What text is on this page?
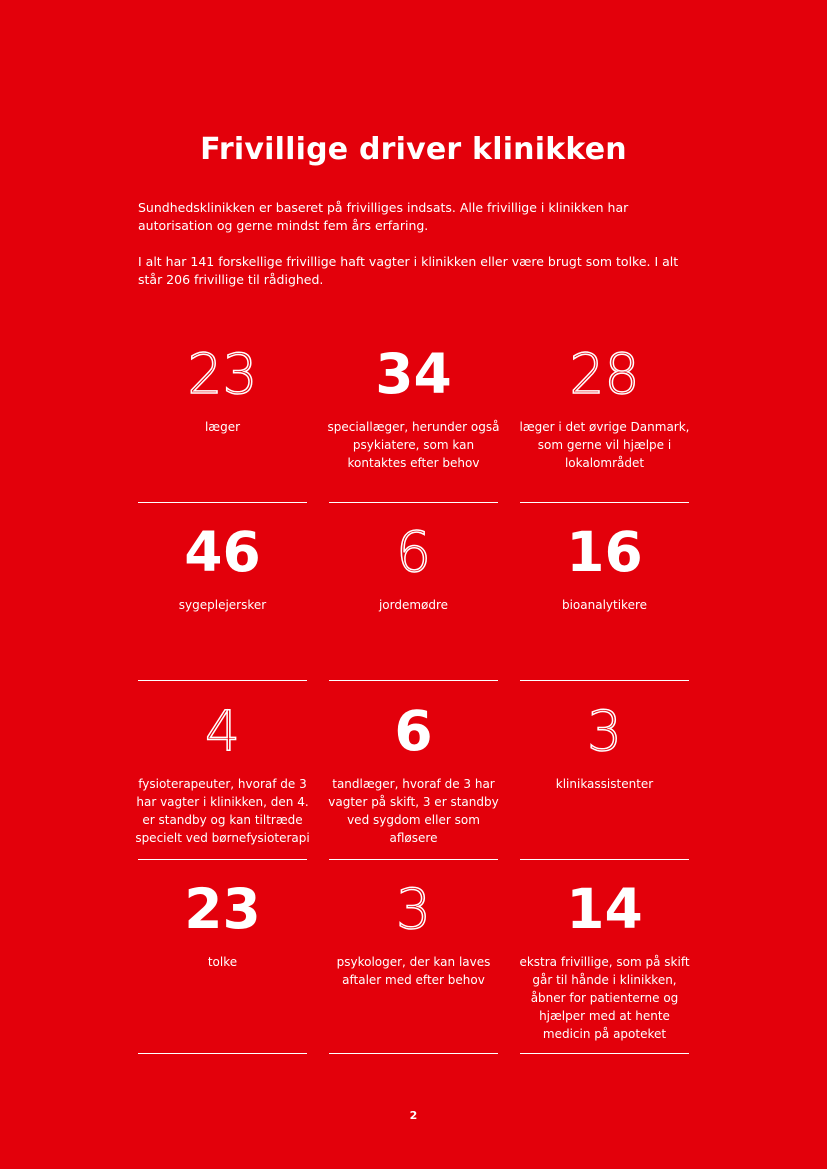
Frivillige driver klinikken

Sundhedsklinikken er baseret på frivilliges indsats. Alle frivillige i klinikken har autorisation og gerne mindst fem års erfaring.

I alt har 141 forskellige frivillige haft vagter i klinikken eller være brugt som tolke. I alt står 206 frivillige til rådighed.

23
læger
34
speciallæger, herunder også psykiatere, som kan kontaktes efter behov
28
læger i det øvrige Danmark, som gerne vil hjælpe i lokalområdet
46
sygeplejersker
6
jordemødre
16
bioanalytikere
4
fysioterapeuter, hvoraf de 3 har vagter i klinikken, den 4. er standby og kan tiltræde specielt ved børnefysioterapi
6
tandlæger, hvoraf de 3 har vagter på skift, 3 er standby ved sygdom eller som afløsere
3
klinikassistenter
23
tolke
3
psykologer, der kan laves aftaler med efter behov
14
ekstra frivillige, som på skift går til hånde i klinikken, åbner for patienterne og hjælper med at hente medicin på apoteket
2
